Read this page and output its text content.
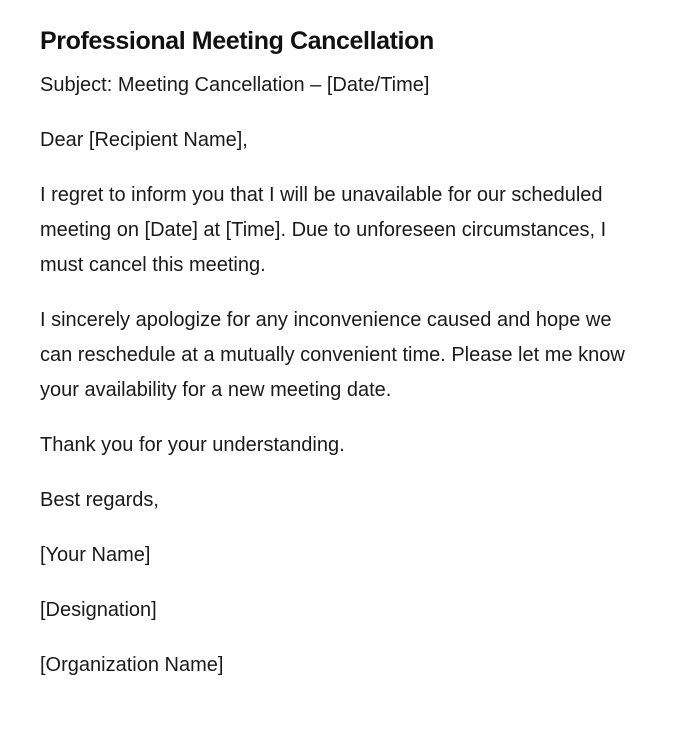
Professional Meeting Cancellation

Subject: Meeting Cancellation – [Date/Time]

Dear [Recipient Name],

I regret to inform you that I will be unavailable for our scheduled meeting on [Date] at [Time]. Due to unforeseen circumstances, I must cancel this meeting.

I sincerely apologize for any inconvenience caused and hope we can reschedule at a mutually convenient time. Please let me know your availability for a new meeting date.

Thank you for your understanding.

Best regards,

[Your Name]

[Designation]

[Organization Name]
